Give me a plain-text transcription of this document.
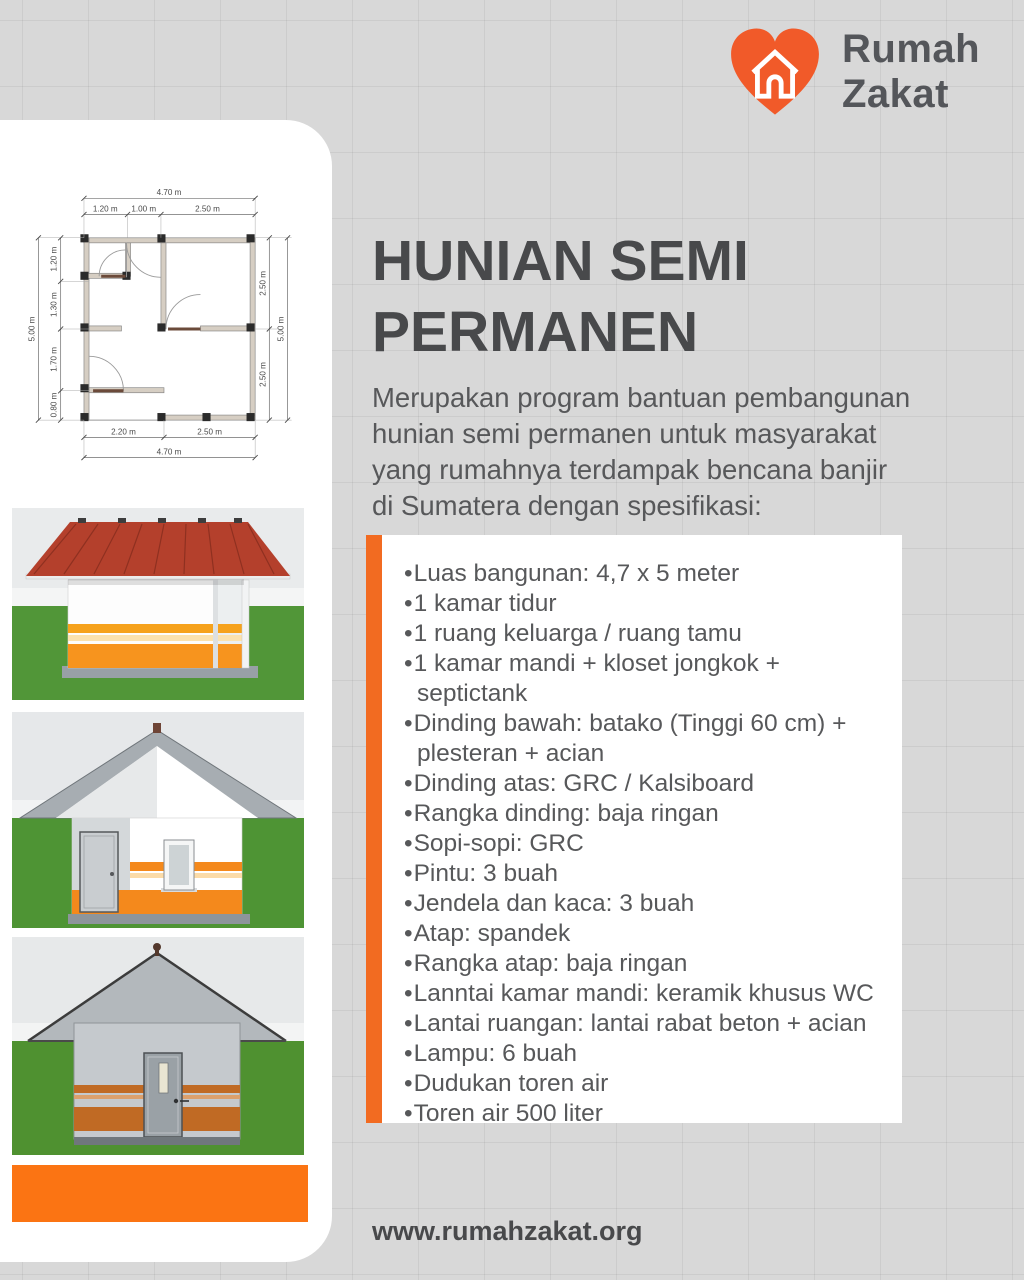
Rumah
Zakat
4.70 m
1.20 m 1.00 m	2.50 m
5.00 m
1.20 m
1.30 m
1.70 m
0.80 m
2.50 m
2.50 m
5.00 m
2.20 m	2.50 m
4.70 m
HUNIAN SEMI
PERMANEN
Merupakan program bantuan pembangunan
hunian semi permanen untuk masyarakat
yang rumahnya terdampak bencana banjir
di Sumatera dengan spesifikasi:
• Luas bangunan: 4,7 x 5 meter
• 1 kamar tidur
• 1 ruang keluarga / ruang tamu
• 1 kamar mandi + kloset jongkok + septictank
• Dinding bawah: batako (Tinggi 60 cm) + plesteran + acian
• Dinding atas: GRC / Kalsiboard
• Rangka dinding: baja ringan
• Sopi-sopi: GRC
• Pintu: 3 buah
• Jendela dan kaca: 3 buah
• Atap: spandek
• Rangka atap: baja ringan
• Lanntai kamar mandi: keramik khusus WC
• Lantai ruangan: lantai rabat beton + acian
• Lampu: 6 buah
• Dudukan toren air
• Toren air 500 liter
www.rumahzakat.org
